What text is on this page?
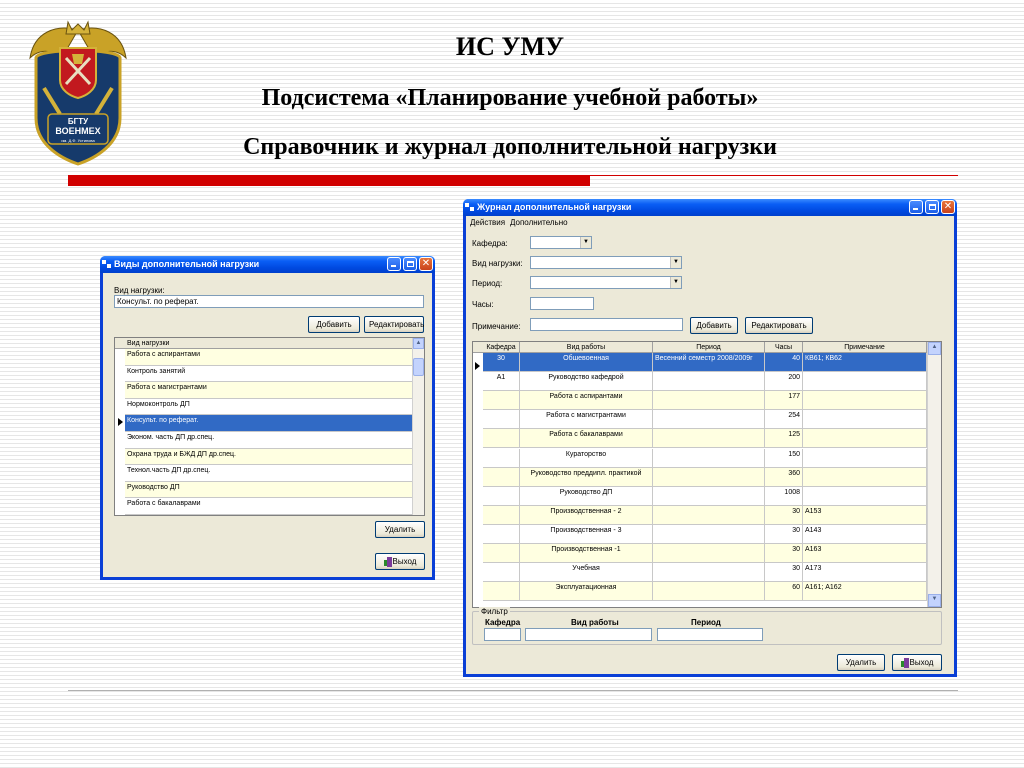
БГТУ
ВОЕНМЕХ
им. Д.Ф. Устинова
ИС УМУ
Подсистема «Планирование учебной работы»
Справочник и журнал дополнительной нагрузки
Виды дополнительной нагрузки	✕
Вид нагрузки:
Консульт. по реферат.
Добавить	Редактировать
Вид нагрузки
Работа с аспирантами
Контроль занятий
Работа с магистрантами
Нормоконтроль ДП
Консульт. по реферат.
Эконом. часть ДП др.спец.
Охрана труда и БЖД ДП др.спец.
Технол.часть ДП др.спец.
Руководство ДП
Работа с бакалаврами
▲
Удалить
Выход
Журнал дополнительной нагрузки	✕
Действия Дополнительно
Кафедра:	▼
Вид нагрузки:	▼
Период:	▼
Часы:
Примечание:	Добавить	Редактировать
Кафедра	Вид работы	Период	Часы	Примечание
30	Обшевоенная	Весенний семестр 2008/2009г	40 КВ61; КВ62
А1	Руководство кафедрой	200
Работа с аспирантами	177
Работа с магистрантами	254
Работа с бакалаврами	125
Кураторство	150
Руководство преддипл. практикой	360
Руководство ДП	1008
Производственная - 2	30 А153
Производственная - 3	30 А143
Производственная -1	30 А163
Учебная	30 А173
Эксплуатационная	60 А161; А162
▲
▼
Фильтр
Кафедра	Вид работы	Период
Удалить	Выход
